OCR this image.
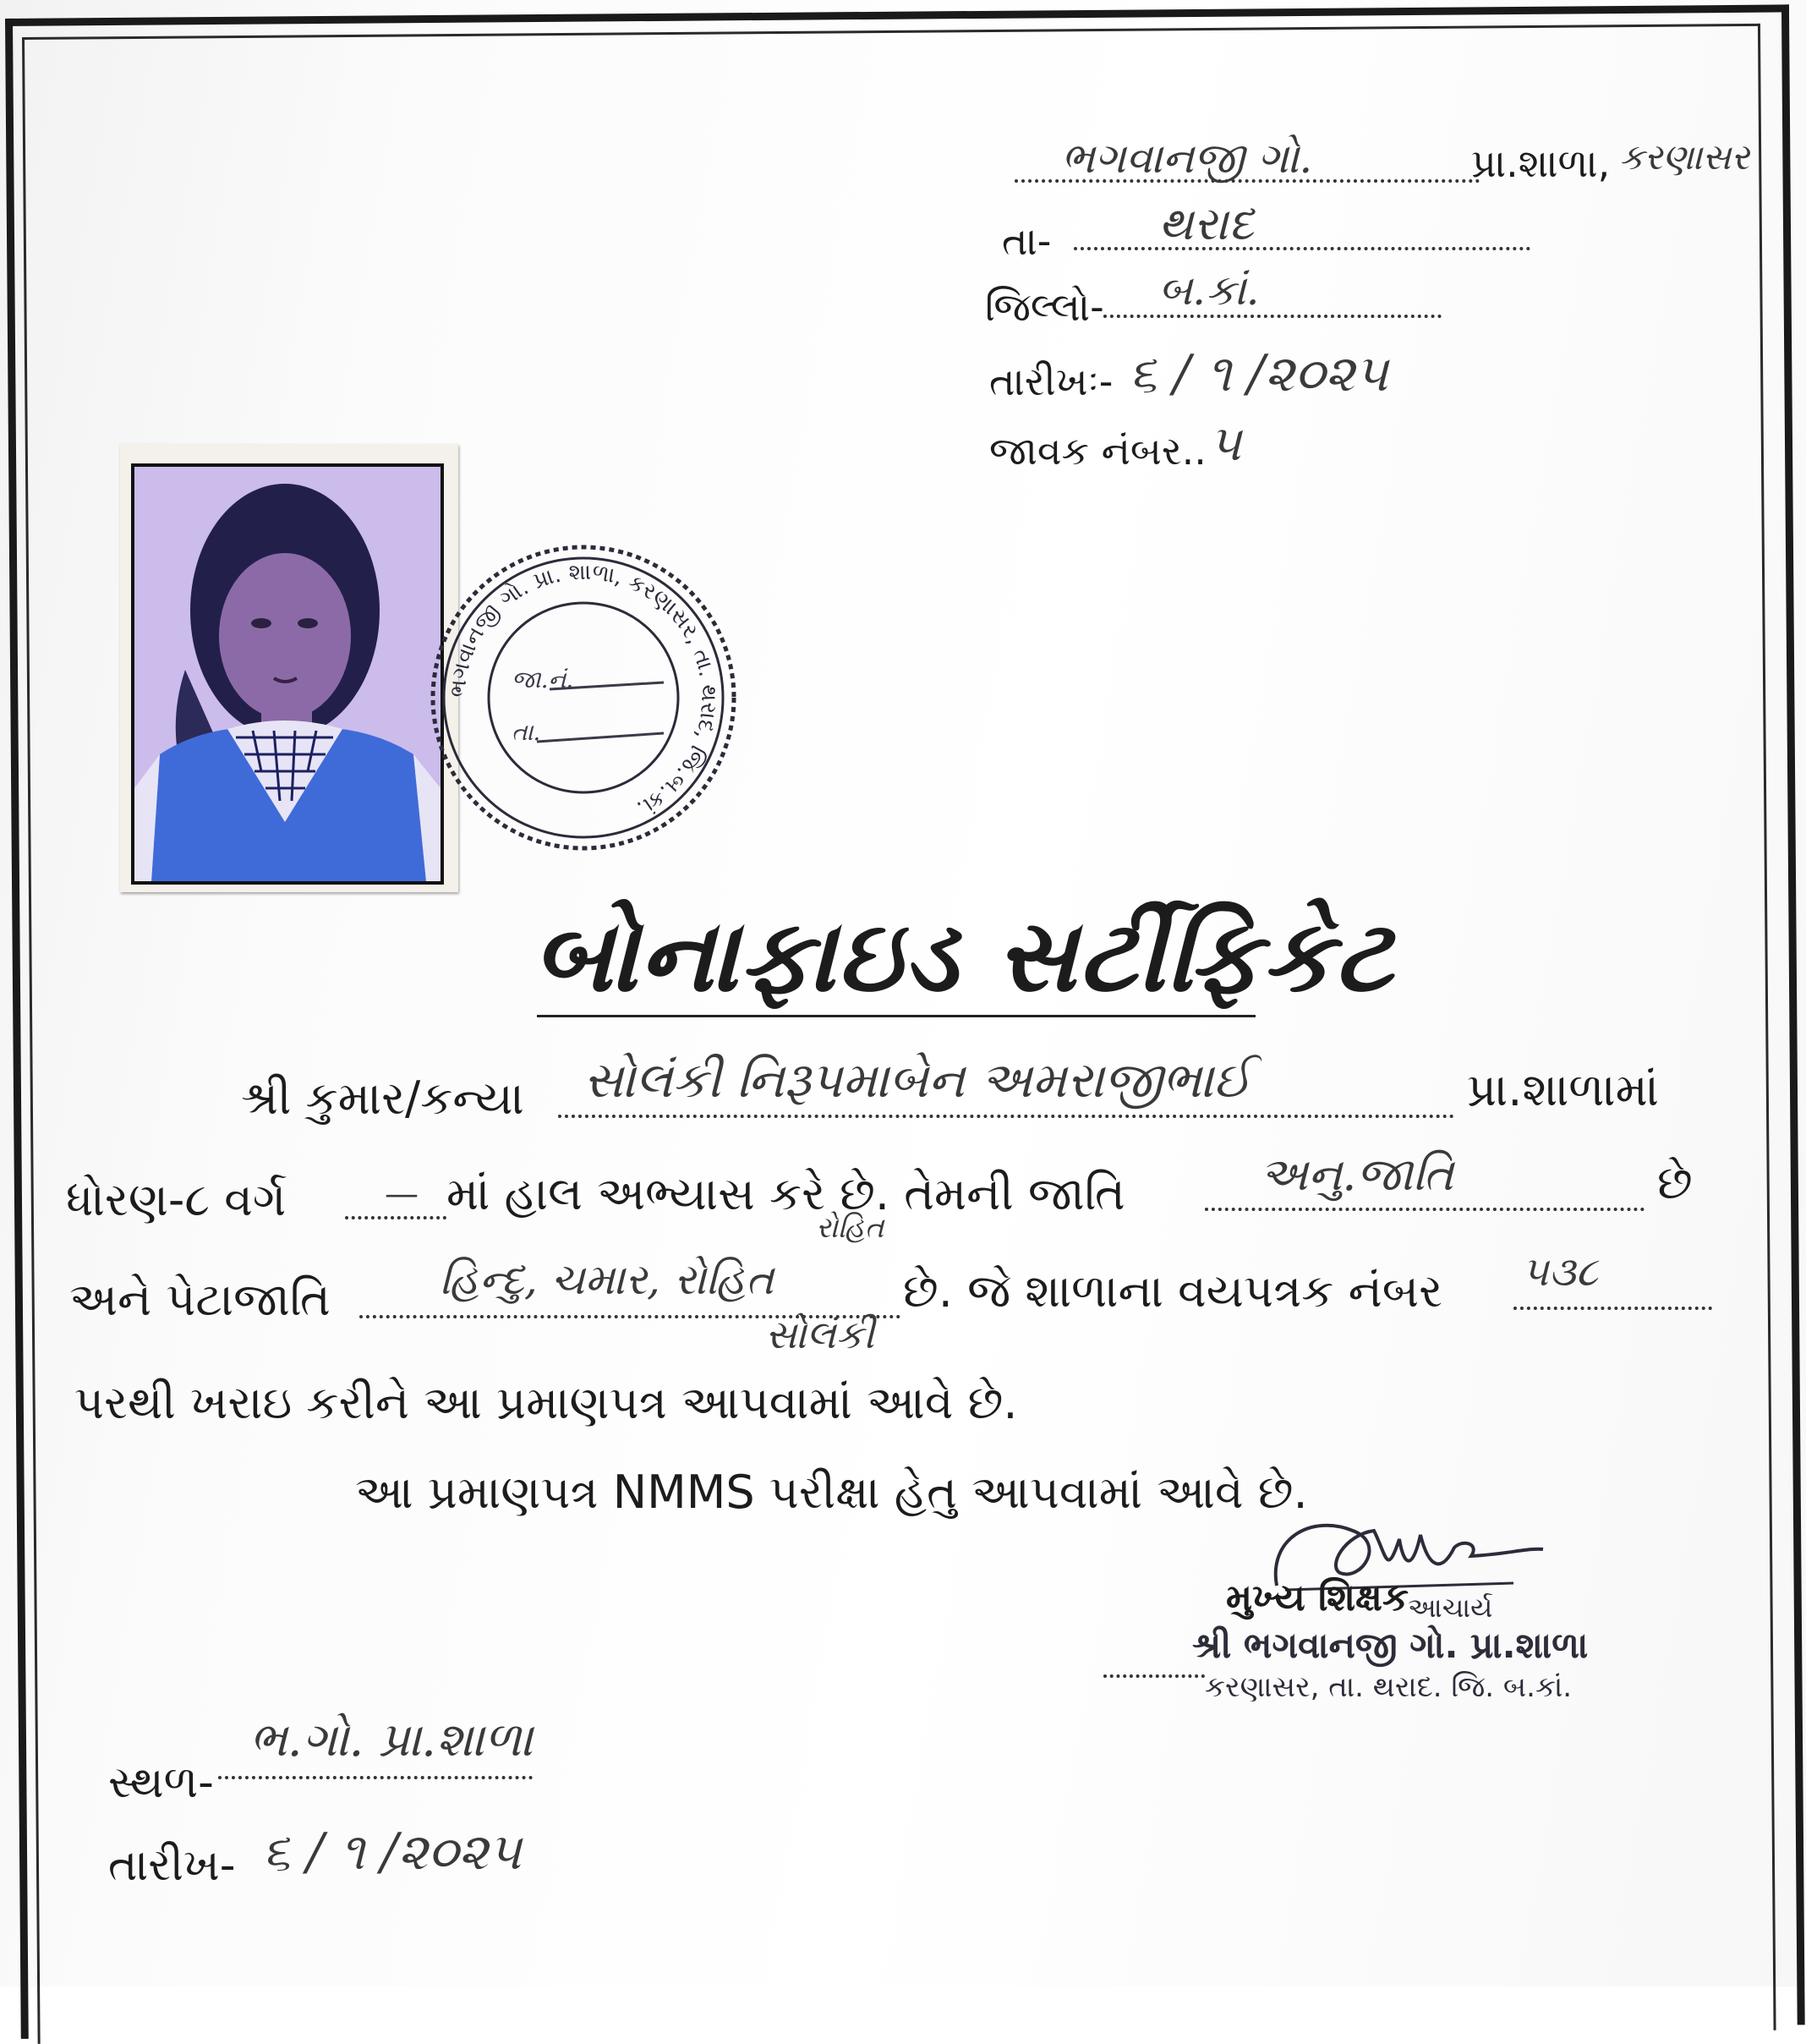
ભગવાનજી ગો.	પ્રા.શાળા, કરણાસર
તા- થરાદ
જિલ્લો- બ.કાં.
તારીખઃ- ૬ / ૧ /૨૦૨૫
જાવક નંબર.. ૫
ભગવાનજી ગો. પ્રા. શાળા, કરણાસર, તા. થરાદ, જિ.બ.કાં.
જા.નં.
તા.
બોનાફાઇડ સર્ટીફિકેટ
શ્રી કુમાર/કન્યા સોલંકી નિરૂપમાબેન અમરાજીભાઈ	પ્રા.શાળામાં
ધોરણ-૮ વર્ગ	— માં હાલ અભ્યાસ કરે છે. તેમની જાતિ	અનુ.જાતિ	છે
અને પેટાજાતિ	હિન્દુ, ચમાર, રોહિત
રોહિત
સોલંકી
છે. જે શાળાના વયપત્રક નંબર ૫૩૮
પરથી ખરાઇ કરીને આ પ્રમાણપત્ર આપવામાં આવે છે.
આ પ્રમાણપત્ર NMMS પરીક્ષા હેતુ આપવામાં આવે છે.
મુખ્ય શિક્ષક
આચાર્ય
શ્રી ભગવાનજી ગો. પ્રા.શાળા
કરણાસર, તા. થરાદ. જિ. બ.કાં.
સ્થળ-
ભ.ગો. પ્રા.શાળા
તારીખ- ૬ / ૧ /૨૦૨૫
